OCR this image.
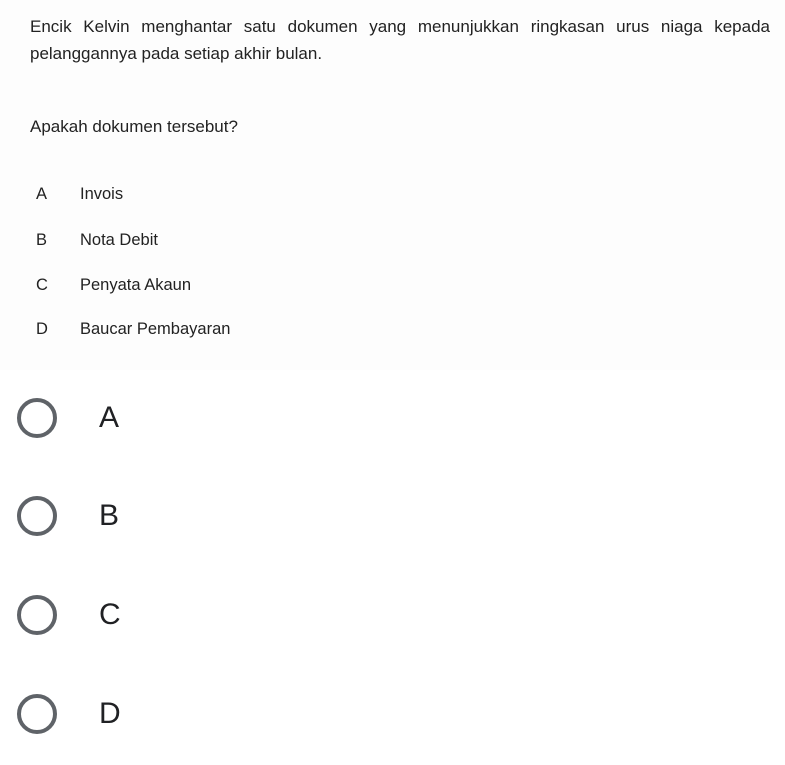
Encik Kelvin menghantar satu dokumen yang menunjukkan ringkasan urus niaga kepada pelanggannya pada setiap akhir bulan.
Apakah dokumen tersebut?
A	Invois
B	Nota Debit
C	Penyata Akaun
D	Baucar Pembayaran
A
B
C
D
